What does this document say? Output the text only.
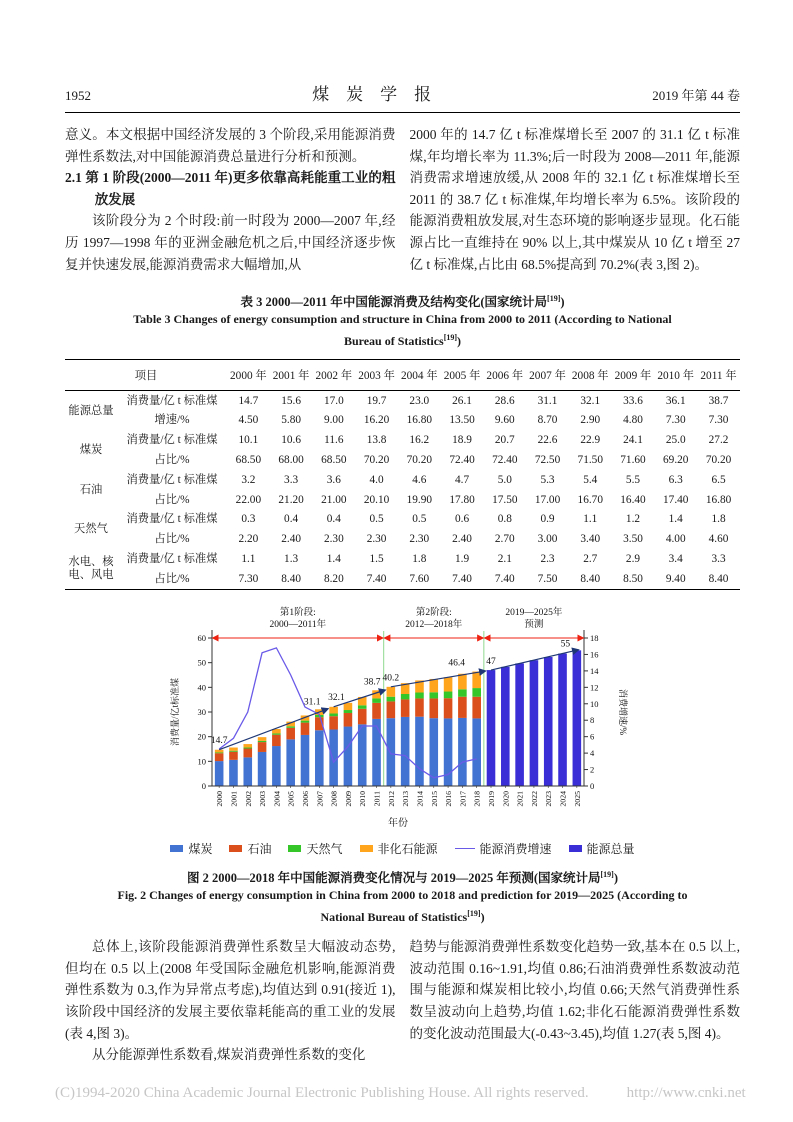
1952	煤炭学报	2019 年第 44 卷

意义。本文根据中国经济发展的 3 个阶段,采用能源消费弹性系数法,对中国能源消费总量进行分析和预测。

2.1 第 1 阶段(2000—2011 年)更多依靠高耗能重工业的粗放发展

该阶段分为 2 个时段:前一时段为 2000—2007 年,经历 1997—1998 年的亚洲金融危机之后,中国经济逐步恢复并快速发展,能源消费需求大幅增加,从

2000 年的 14.7 亿 t 标准煤增长至 2007 的 31.1 亿 t 标准煤,年均增长率为 11.3%;后一时段为 2008—2011 年,能源消费需求增速放缓,从 2008 年的 32.1 亿 t 标准煤增长至 2011 的 38.7 亿 t 标准煤,年均增长率为 6.5%。该阶段的能源消费粗放发展,对生态环境的影响逐步显现。化石能源占比一直维持在 90% 以上,其中煤炭从 10 亿 t 增至 27 亿 t 标准煤,占比由 68.5%提高到 70.2%(表 3,图 2)。

表 3 2000—2011 年中国能源消费及结构变化(国家统计局[19])
Table 3 Changes of energy consumption and structure in China from 2000 to 2011 (According to National
Bureau of Statistics[19])
项目		2000 年	2001 年	2002 年	2003 年	2004 年	2005 年	2006 年	2007 年	2008 年	2009 年	2010 年	2011 年
能源总量	消费量/亿 t 标准煤	14.7	15.6	17.0	19.7	23.0	26.1	28.6	31.1	32.1	33.6	36.1	38.7
	增速/%	4.50	5.80	9.00	16.20	16.80	13.50	9.60	8.70	2.90	4.80	7.30	7.30
煤炭	消费量/亿 t 标准煤	10.1	10.6	11.6	13.8	16.2	18.9	20.7	22.6	22.9	24.1	25.0	27.2
	占比/%	68.50	68.00	68.50	70.20	70.20	72.40	72.40	72.50	71.50	71.60	69.20	70.20
石油	消费量/亿 t 标准煤	3.2	3.3	3.6	4.0	4.6	4.7	5.0	5.3	5.4	5.5	6.3	6.5
	占比/%	22.00	21.20	21.00	20.10	19.90	17.80	17.50	17.00	16.70	16.40	17.40	16.80
天然气	消费量/亿 t 标准煤	0.3	0.4	0.4	0.5	0.5	0.6	0.8	0.9	1.1	1.2	1.4	1.8
	占比/%	2.20	2.40	2.30	2.30	2.30	2.40	2.70	3.00	3.40	3.50	4.00	4.60
水电、核电、风电	消费量/亿 t 标准煤	1.1	1.3	1.4	1.5	1.8	1.9	2.1	2.3	2.7	2.9	3.4	3.3
	占比/%	7.30	8.40	8.20	7.40	7.60	7.40	7.40	7.50	8.40	8.50	9.40	8.40
0
10
20
30
40
50
60
0
2
4
6
8
10
12
14
16
18
2000 2001 2002 2003 2004 2005 2006 2007 2008 2009 2010 2011 2012 2013 2014 2015 2016 2017 2018 2019 2020 2021 2022 2023 2024 2025
第1阶段:
2000—2011年
第2阶段:
2012—2018年
2019—2025年
预测
14.7
31.1 32.1
38.7 40.2
46.4 47
55
消费量/亿t标准煤	消费增速/%
年份
煤炭	石油	天然气	非化石能源	能源消费增速	能源总量
图 2 2000—2018 年中国能源消费变化情况与 2019—2025 年预测(国家统计局[19])
Fig. 2 Changes of energy consumption in China from 2000 to 2018 and prediction for 2019—2025 (According to
National Bureau of Statistics[19])

总体上,该阶段能源消费弹性系数呈大幅波动态势,但均在 0.5 以上(2008 年受国际金融危机影响,能源消费弹性系数为 0.3,作为异常点考虑),均值达到 0.91(接近 1),该阶段中国经济的发展主要依靠耗能高的重工业的发展(表 4,图 3)。

从分能源弹性系数看,煤炭消费弹性系数的变化

趋势与能源消费弹性系数变化趋势一致,基本在 0.5 以上,波动范围 0.16~1.91,均值 0.86;石油消费弹性系数波动范围与能源和煤炭相比较小,均值 0.66;天然气消费弹性系数呈波动向上趋势,均值 1.62;非化石能源消费弹性系数的变化波动范围最大(-0.43~3.45),均值 1.27(表 5,图 4)。

(C)1994-2020 China Academic Journal Electronic Publishing House. All rights reserved.	http://www.cnki.net
